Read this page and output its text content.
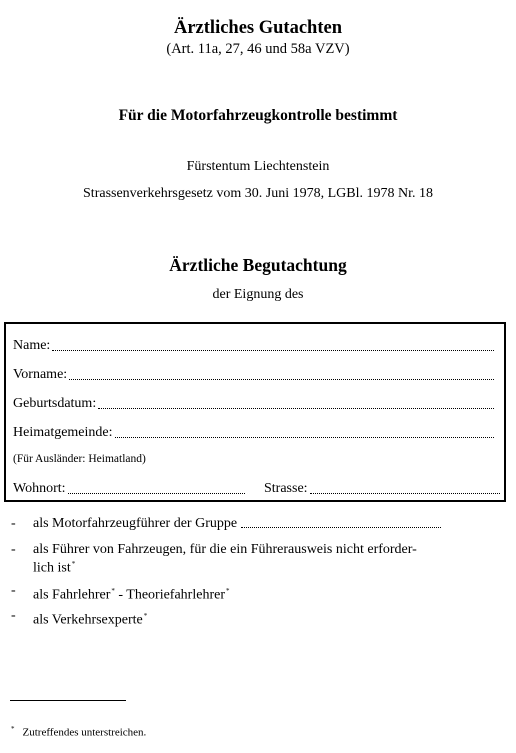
Ärztliches Gutachten
(Art. 11a, 27, 46 und 58a VZV)
Für die Motorfahrzeugkontrolle bestimmt
Fürstentum Liechtenstein
Strassenverkehrsgesetz vom 30. Juni 1978, LGBl. 1978 Nr. 18
Ärztliche Begutachtung
der Eignung des
Name:
Vorname:
Geburtsdatum:
Heimatgemeinde:
(Für Ausländer: Heimatland)
Wohnort:	Strasse:
-	als Motorfahrzeugführer der Gruppe
-	als Führer von Fahrzeugen, für die ein Führerausweis nicht erforder-
lich ist*
-	als Fahrlehrer* - Theoriefahrlehrer*
-	als Verkehrsexperte*
* Zutreffendes unterstreichen.
